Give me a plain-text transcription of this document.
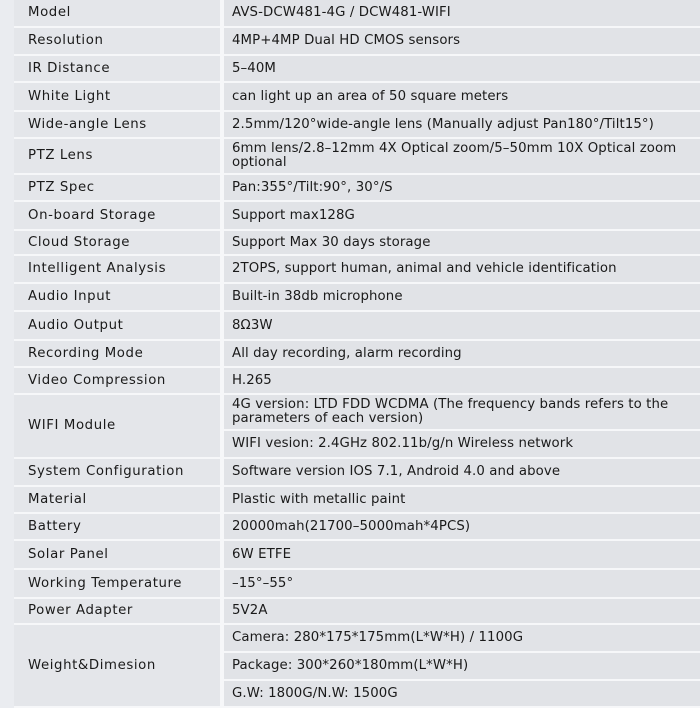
Model	AVS-DCW481-4G / DCW481-WIFI
Resolution	4MP+4MP Dual HD CMOS sensors
IR Distance	5–40M
White Light	can light up an area of 50 square meters
Wide-angle Lens	2.5mm/120°wide-angle lens (Manually adjust Pan180°/Tilt15°)
PTZ Lens	6mm lens/2.8–12mm 4X Optical zoom/5–50mm 10X Optical zoom optional
PTZ Spec	Pan:355°/Tilt:90°, 30°/S
On-board Storage	Support max128G
Cloud Storage	Support Max 30 days storage
Intelligent Analysis	2TOPS, support human, animal and vehicle identification
Audio Input	Built-in 38db microphone
Audio Output	8Ω3W
Recording Mode	All day recording, alarm recording
Video Compression	H.265
WIFI Module	4G version: LTD FDD WCDMA (The frequency bands refers to the parameters of each version)
	WIFI vesion: 2.4GHz 802.11b/g/n Wireless network
System Configuration	Software version IOS 7.1, Android 4.0 and above
Material	Plastic with metallic paint
Battery	20000mah(21700–5000mah*4PCS)
Solar Panel	6W ETFE
Working Temperature	–15°–55°
Power Adapter	5V2A
Weight&Dimesion	Camera: 280*175*175mm(L*W*H) / 1100G
	Package: 300*260*180mm(L*W*H)
	G.W: 1800G/N.W: 1500G
